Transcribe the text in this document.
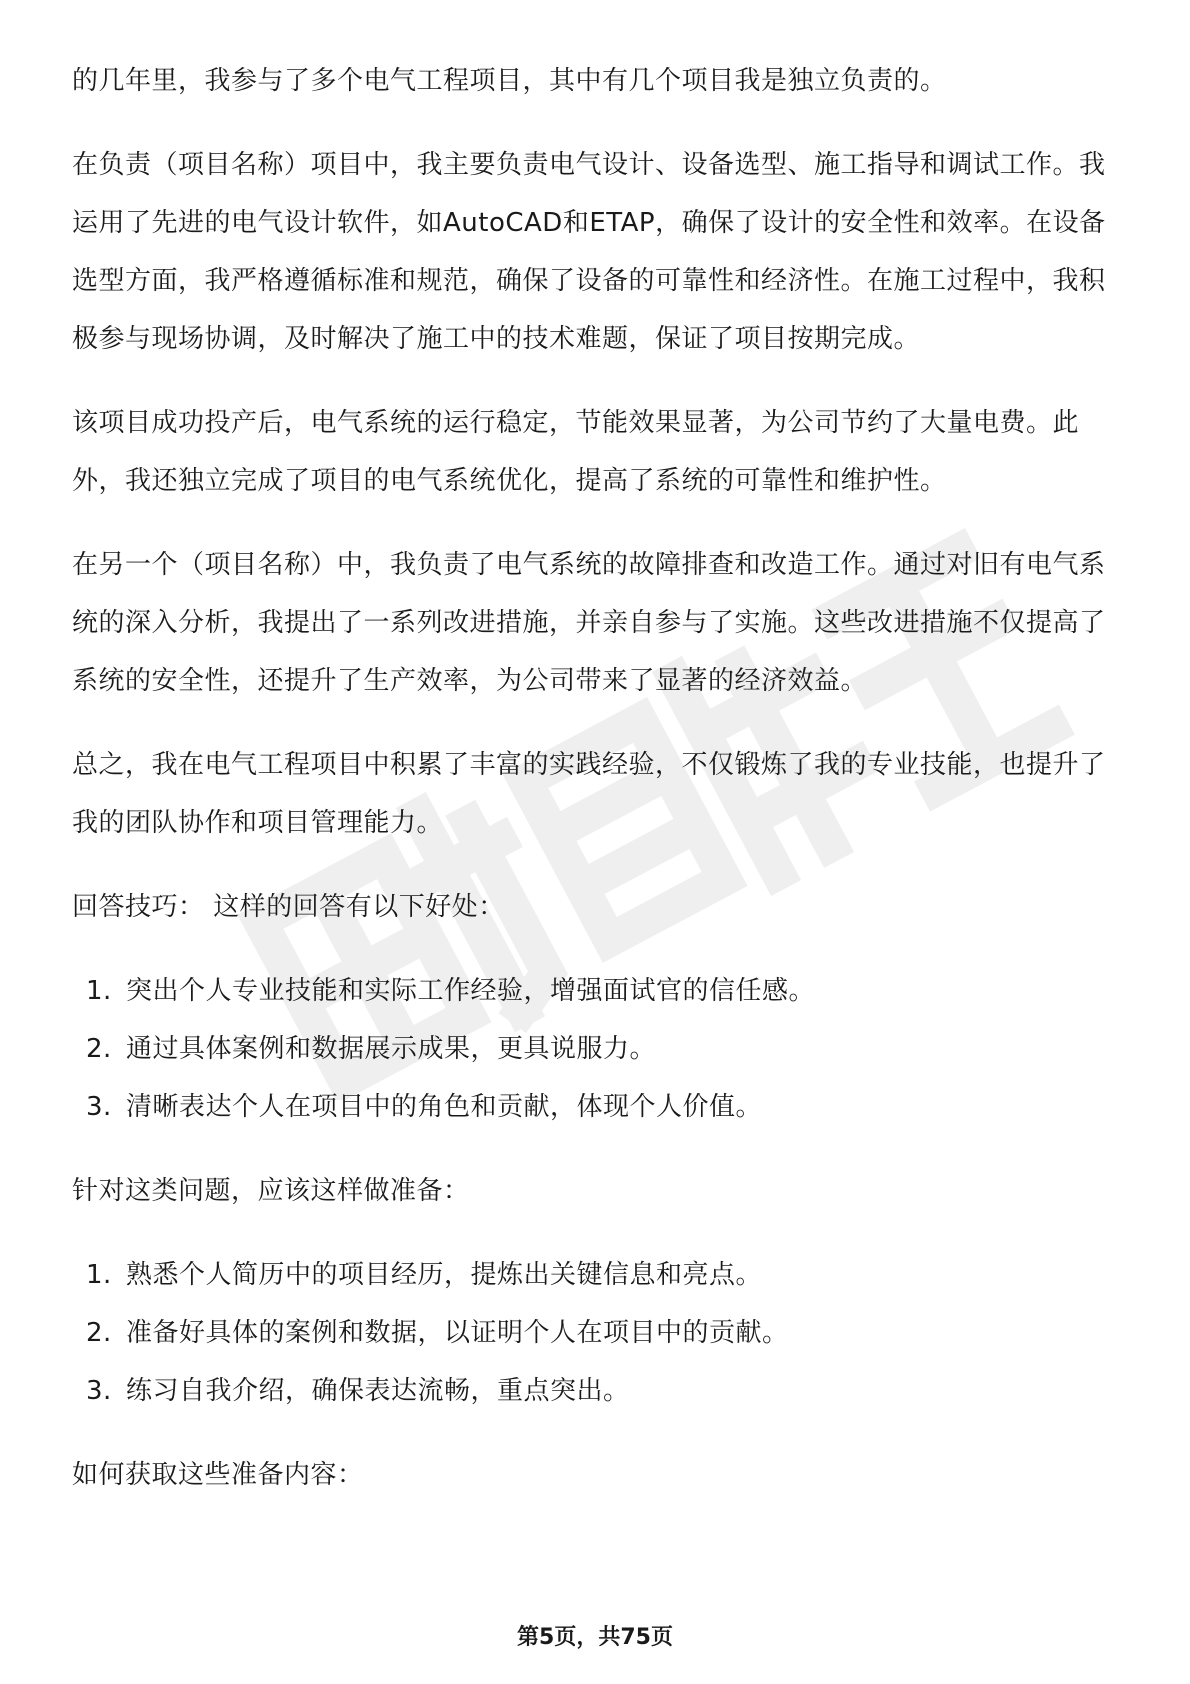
的几年里，我参与了多个电气工程项目，其中有几个项目我是独立负责的。

在负责（项目名称）项目中，我主要负责电气设计、设备选型、施工指导和调试工作。我运用了先进的电气设计软件，如AutoCAD和ETAP，确保了设计的安全性和效率。在设备选型方面，我严格遵循标准和规范，确保了设备的可靠性和经济性。在施工过程中，我积极参与现场协调，及时解决了施工中的技术难题，保证了项目按期完成。

该项目成功投产后，电气系统的运行稳定，节能效果显著，为公司节约了大量电费。此外，我还独立完成了项目的电气系统优化，提高了系统的可靠性和维护性。

在另一个（项目名称）中，我负责了电气系统的故障排查和改造工作。通过对旧有电气系统的深入分析，我提出了一系列改进措施，并亲自参与了实施。这些改进措施不仅提高了系统的安全性，还提升了生产效率，为公司带来了显著的经济效益。

总之，我在电气工程项目中积累了丰富的实践经验，不仅锻炼了我的专业技能，也提升了我的团队协作和项目管理能力。

回答技巧： 这样的回答有以下好处：

1. 突出个人专业技能和实际工作经验，增强面试官的信任感。
2. 通过具体案例和数据展示成果，更具说服力。
3. 清晰表达个人在项目中的角色和贡献，体现个人价值。

针对这类问题，应该这样做准备：

1. 熟悉个人简历中的项目经历，提炼出关键信息和亮点。
2. 准备好具体的案例和数据，以证明个人在项目中的贡献。
3. 练习自我介绍，确保表达流畅，重点突出。

如何获取这些准备内容：

第5页，共75页
